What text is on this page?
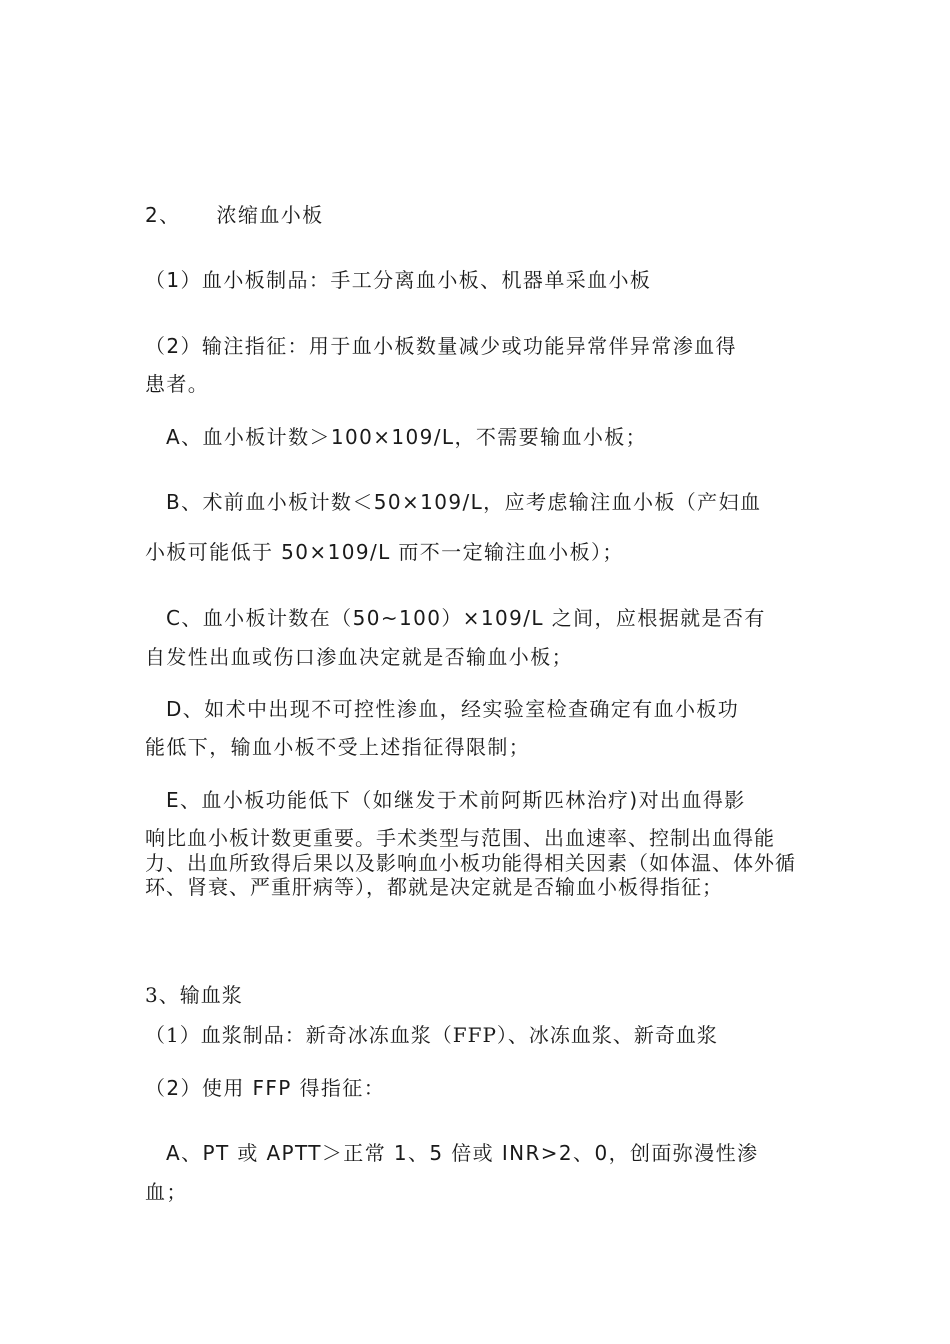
2、 浓缩血小板
（1）血小板制品：手工分离血小板、机器单采血小板
（2）输注指征：用于血小板数量减少或功能异常伴异常渗血得
患者。
A、血小板计数＞100×109/L，不需要输血小板；
B、术前血小板计数＜50×109/L，应考虑输注血小板（产妇血
小板可能低于 50×109/L 而不一定输注血小板）；
C、血小板计数在（50~100）×109/L 之间，应根据就是否有
自发性出血或伤口渗血决定就是否输血小板；
D、如术中出现不可控性渗血，经实验室检查确定有血小板功
能低下，输血小板不受上述指征得限制；
E、血小板功能低下（如继发于术前阿斯匹林治疗)对出血得影
响比血小板计数更重要。手术类型与范围、出血速率、控制出血得能力、出血所致得后果以及影响血小板功能得相关因素（如体温、体外循环、肾衰、严重肝病等），都就是决定就是否输血小板得指征；
3、输血浆
（1）血浆制品：新奇冰冻血浆（FFP）、冰冻血浆、新奇血浆
（2）使用 FFP 得指征：
A、PT 或 APTT＞正常 1、5 倍或 INR>2、0，创面弥漫性渗
血；
